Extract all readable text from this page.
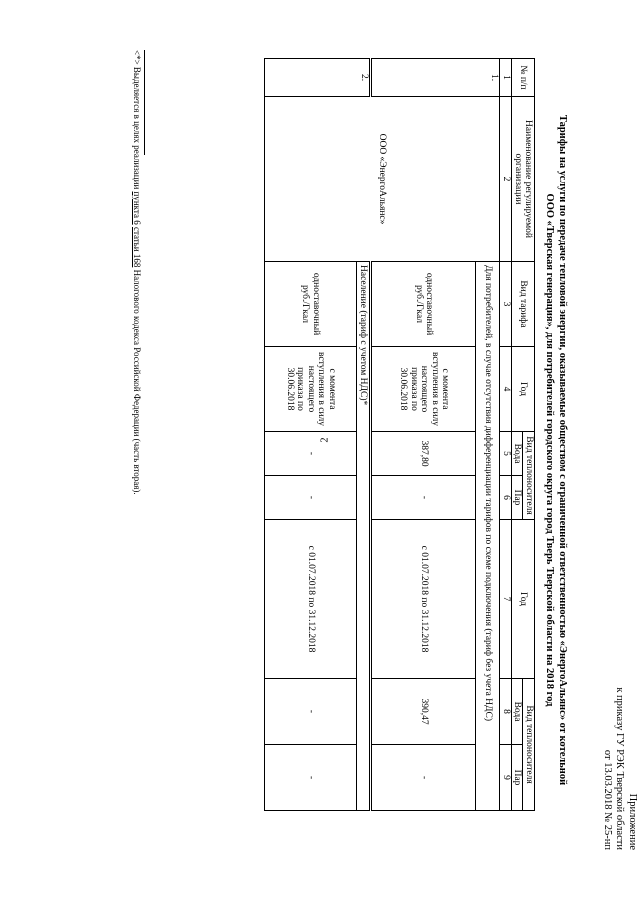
2
Приложение
к приказу ГУ РЭК Тверской области
от 13.03.2018 № 25-нп
Тарифы на услуги по передаче тепловой энергии, оказываемые обществом с ограниченной ответственностью «ЭнергоАльянс» от котельной
ООО «Тверская генерация», для потребителей городского округа город Тверь Тверской области на 2018 год
№ п/п	Наименование регулируемой организации	Вид тарифа	Год	Вид теплоносителя		Год	Вид теплоносителя	
				Вода	Пар		Вода	Пар
1	2	3	4	5	6	7	8	9
1.	ООО «ЭнергоАльянс»	Для потребителей, в случае отсутствия дифференциации тарифов по схеме подключения (тариф без учета НДС)						
		одноставочный руб./Гкал	с момента вступления в силу настоящего приказа по 30.06.2018	387,80	-	с 01.07.2018 по 31.12.2018	390,47	-
2.		Население (тариф с учетом НДС)*						
		одноставочный руб./Гкал	с момента вступления в силу настоящего приказа по 30.06.2018	-	-	с 01.07.2018 по 31.12.2018	-	-
<*> Выделяется в целях реализации пункта 6 статьи 168 Налогового кодекса Российской Федерации (часть вторая).
